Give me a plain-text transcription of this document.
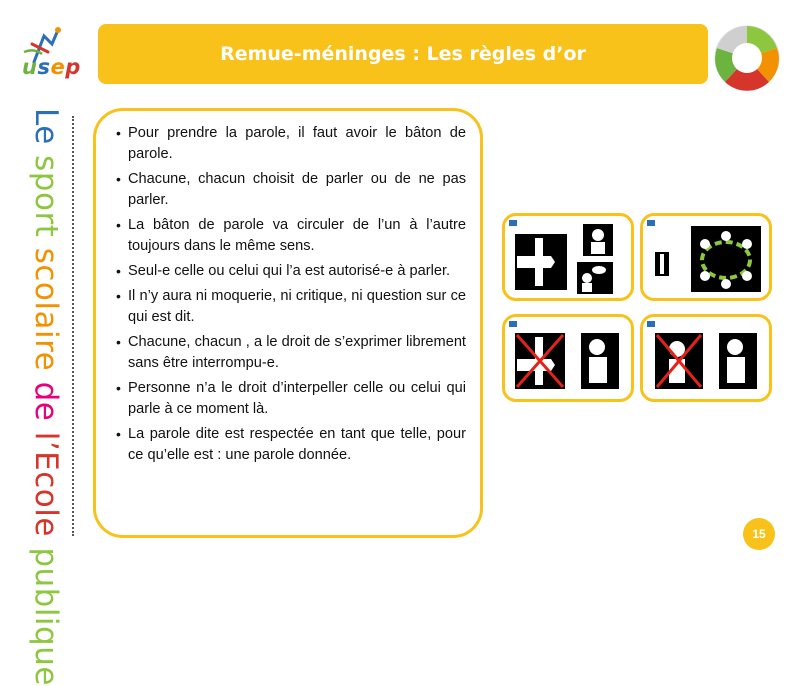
usep
Remue-méninges : Les règles d’or
Le sport scolaire de l’Ecole publique
• Pour prendre la parole, il faut avoir le bâton de parole.
• Chacune, chacun choisit de parler ou de ne pas parler.
• La bâton de parole va circuler de l’un à l’autre toujours dans le même sens.
• Seul-e celle ou celui qui l’a est autorisé-e à parler.
• Il n’y aura ni moquerie, ni critique, ni question sur ce qui est dit.
• Chacune, chacun , a le droit de s’exprimer librement sans être interrompu-e.
• Personne n’a le droit d’interpeller celle ou celui qui parle à ce moment là.
• La parole dite est respectée en tant que telle, pour ce qu’elle est : une parole donnée.
15
